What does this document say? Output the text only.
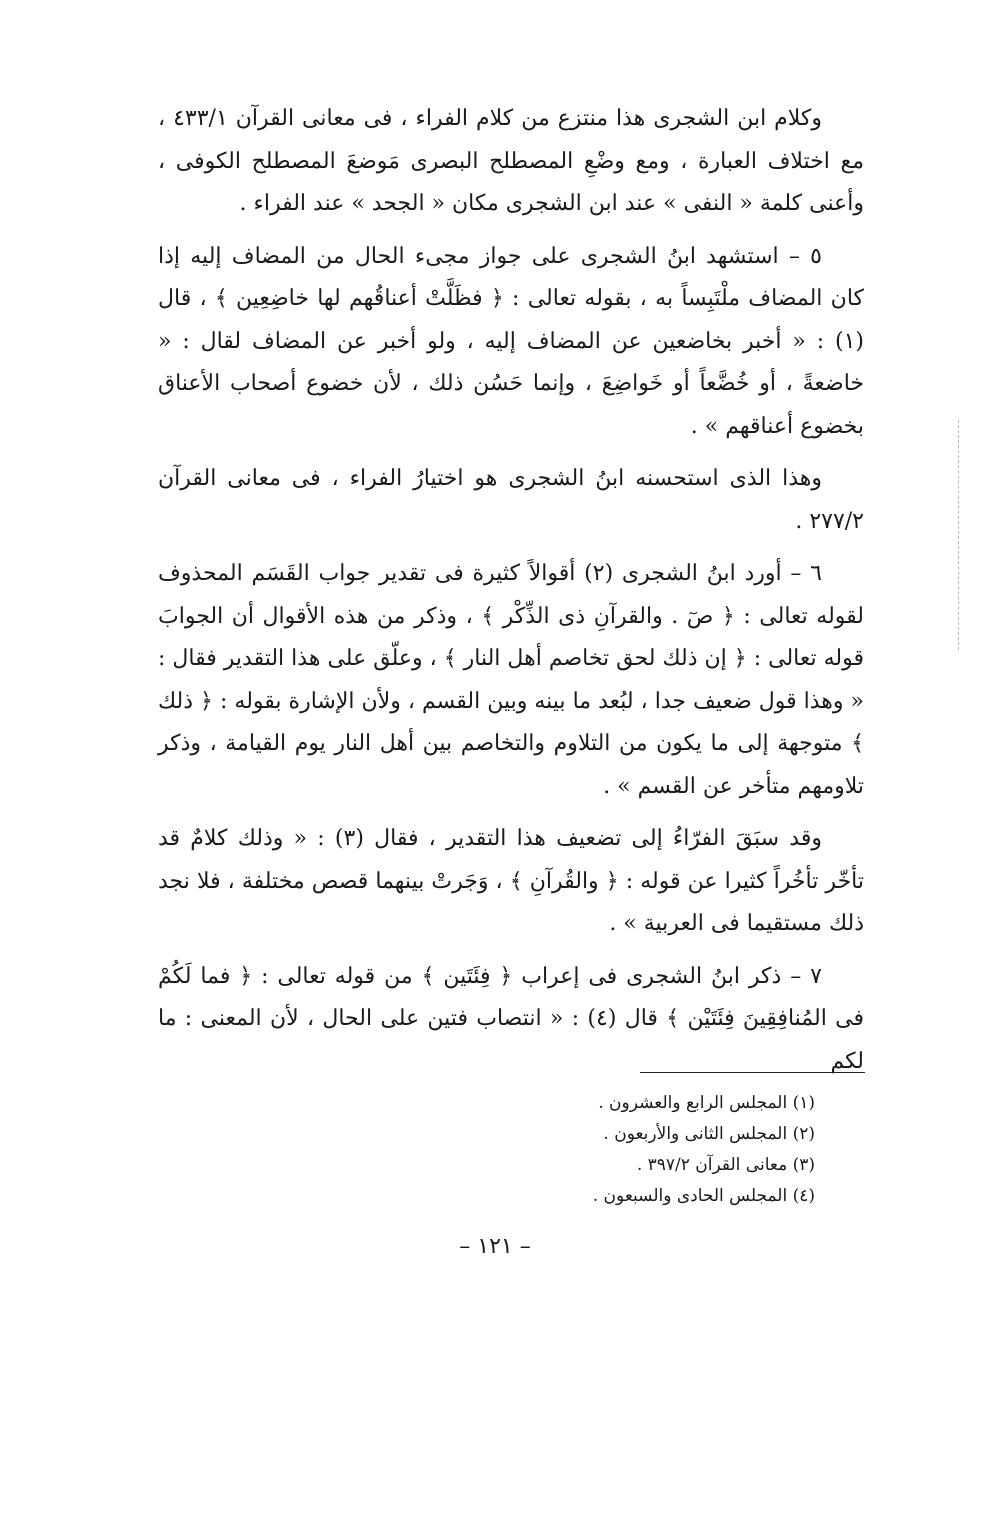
وكلام ابن الشجرى هذا منتزع من كلام الفراء ، فى معانى القرآن ٤٣٣/١ ، مع اختلاف العبارة ، ومع وضْعِ المصطلح البصرى مَوضعَ المصطلح الكوفى ، وأعنى كلمة « النفى » عند ابن الشجرى مكان « الجحد » عند الفراء .

٥ – استشهد ابنُ الشجرى على جواز مجىء الحال من المضاف إليه إذا كان المضاف ملْتَبِساً به ، بقوله تعالى : ﴿ فظَلَّتْ أعناقُهم لها خاضِعِين ﴾ ، قال (١) : « أخبر بخاضعين عن المضاف إليه ، ولو أخبر عن المضاف لقال : « خاضعةً ، أو خُضَّعاً أو خَواضِعَ ، وإنما حَسُن ذلك ، لأن خضوع أصحاب الأعناق بخضوع أعناقهم » .

وهذا الذى استحسنه ابنُ الشجرى هو اختيارُ الفراء ، فى معانى القرآن ٢٧٧/٢ .

٦ – أورد ابنُ الشجرى (٢) أقوالاً كثيرة فى تقدير جواب القَسَم المحذوف لقوله تعالى : ﴿ صٓ . والقرآنِ ذى الذِّكْر ﴾ ، وذكر من هذه الأقوال أن الجوابَ قوله تعالى : ﴿ إن ذلك لحق تخاصم أهل النار ﴾ ، وعلّق على هذا التقدير فقال : « وهذا قول ضعيف جدا ، لبُعد ما بينه وبين القسم ، ولأن الإشارة بقوله : ﴿ ذلك ﴾ متوجهة إلى ما يكون من التلاوم والتخاصم بين أهل النار يوم القيامة ، وذكر تلاومهم متأخر عن القسم » .

وقد سبَقَ الفرّاءُ إلى تضعيف هذا التقدير ، فقال (٣) : « وذلك كلامٌ قد تأخّر تأخُراً كثيرا عن قوله : ﴿ والقُرآنِ ﴾ ، وَجَرتْ بينهما قصص مختلفة ، فلا نجد ذلك مستقيما فى العربية » .

٧ – ذكر ابنُ الشجرى فى إعراب ﴿ فِئَتَين ﴾ من قوله تعالى : ﴿ فما لَكُمْ فى المُنافِقِينَ فِئَتَيْن ﴾ قال (٤) : « انتصاب فتين على الحال ، لأن المعنى : ما لكم

(١) المجلس الرابع والعشرون .
(٢) المجلس الثانى والأربعون .
(٣) معانى القرآن ٣٩٧/٢ .
(٤) المجلس الحادى والسبعون .
– ١٢١ –
